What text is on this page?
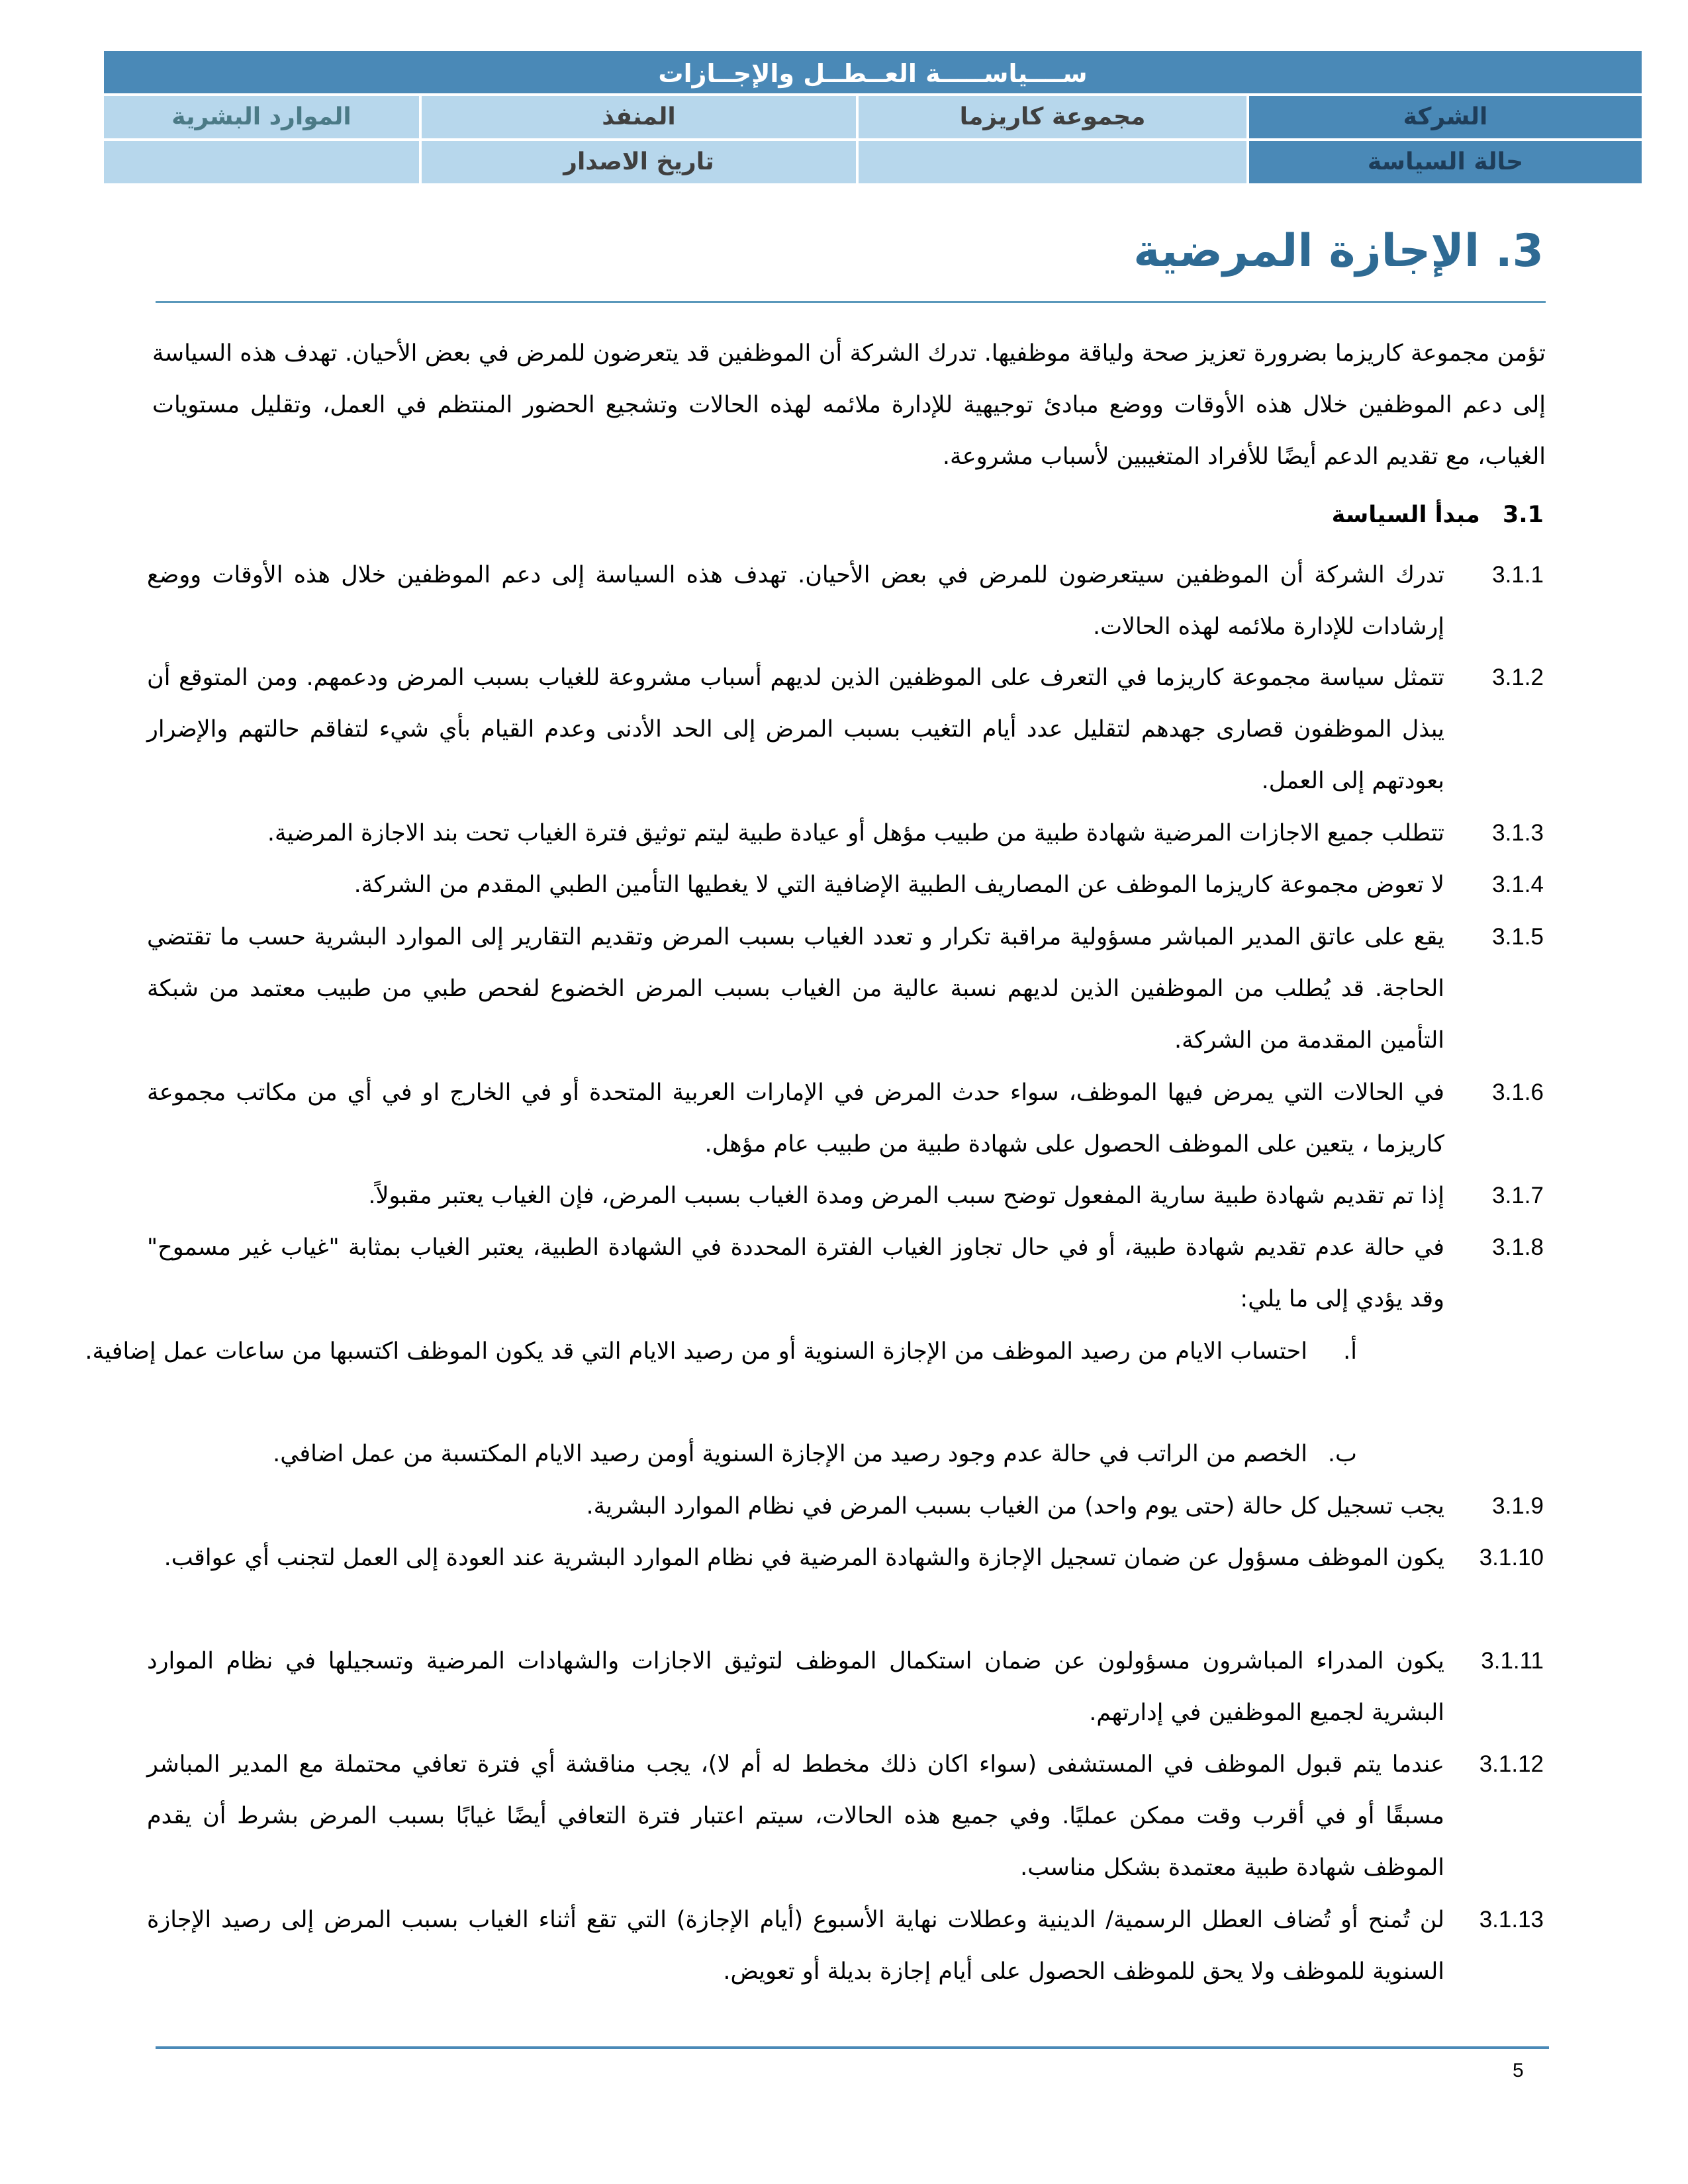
ســــياســـــة العــطــل والإجــازات
الشركة
مجموعة كاريزما
المنفذ
الموارد البشرية
حالة السياسة
تاريخ الاصدار
3. الإجازة المرضية

تؤمن مجموعة كاريزما بضرورة تعزيز صحة ولياقة موظفيها. تدرك الشركة أن الموظفين قد يتعرضون للمرض في بعض الأحيان. تهدف هذه السياسة إلى دعم الموظفين خلال هذه الأوقات ووضع مبادئ توجيهية للإدارة ملائمه لهذه الحالات وتشجيع الحضور المنتظم في العمل، وتقليل مستويات الغياب، مع تقديم الدعم أيضًا للأفراد المتغيبين لأسباب مشروعة.

3.1 مبدأ السياسة
3.1.1

تدرك الشركة أن الموظفين سيتعرضون للمرض في بعض الأحيان. تهدف هذه السياسة إلى دعم الموظفين خلال هذه الأوقات ووضع إرشادات للإدارة ملائمه لهذه الحالات.

3.1.2

تتمثل سياسة مجموعة كاريزما في التعرف على الموظفين الذين لديهم أسباب مشروعة للغياب بسبب المرض ودعمهم. ومن المتوقع أن يبذل الموظفون قصارى جهدهم لتقليل عدد أيام التغيب بسبب المرض إلى الحد الأدنى وعدم القيام بأي شيء لتفاقم حالتهم والإضرار بعودتهم إلى العمل.

3.1.3

تتطلب جميع الاجازات المرضية شهادة طبية من طبيب مؤهل أو عيادة طبية ليتم توثيق فترة الغياب تحت بند الاجازة المرضية.

3.1.4

لا تعوض مجموعة كاريزما الموظف عن المصاريف الطبية الإضافية التي لا يغطيها التأمين الطبي المقدم من الشركة.

3.1.5

يقع على عاتق المدير المباشر مسؤولية مراقبة تكرار و تعدد الغياب بسبب المرض وتقديم التقارير إلى الموارد البشرية حسب ما تقتضي الحاجة. قد يُطلب من الموظفين الذين لديهم نسبة عالية من الغياب بسبب المرض الخضوع لفحص طبي من طبيب معتمد من شبكة التأمين المقدمة من الشركة.

3.1.6

في الحالات التي يمرض فيها الموظف، سواء حدث المرض في الإمارات العربية المتحدة أو في الخارج او في أي من مكاتب مجموعة كاريزما ، يتعين على الموظف الحصول على شهادة طبية من طبيب عام مؤهل.

3.1.7

إذا تم تقديم شهادة طبية سارية المفعول توضح سبب المرض ومدة الغياب بسبب المرض، فإن الغياب يعتبر مقبولاً.

3.1.8

في حالة عدم تقديم شهادة طبية، أو في حال تجاوز الغياب الفترة المحددة في الشهادة الطبية، يعتبر الغياب بمثابة "غياب غير مسموح" وقد يؤدي إلى ما يلي:

أ.
احتساب الايام من رصيد الموظف من الإجازة السنوية أو من رصيد الايام التي قد يكون الموظف اكتسبها من ساعات عمل إضافية.
ب.
الخصم من الراتب في حالة عدم وجود رصيد من الإجازة السنوية أومن رصيد الايام المكتسبة من عمل اضافي.
3.1.9

يجب تسجيل كل حالة (حتى يوم واحد) من الغياب بسبب المرض في نظام الموارد البشرية.

3.1.10

يكون الموظف مسؤول عن ضمان تسجيل الإجازة والشهادة المرضية في نظام الموارد البشرية عند العودة إلى العمل لتجنب أي عواقب.

3.1.11

يكون المدراء المباشرون مسؤولون عن ضمان استكمال الموظف لتوثيق الاجازات والشهادات المرضية وتسجيلها في نظام الموارد البشرية لجميع الموظفين في إدارتهم.

3.1.12

عندما يتم قبول الموظف في المستشفى (سواء اكان ذلك مخطط له أم لا)، يجب مناقشة أي فترة تعافي محتملة مع المدير المباشر مسبقًا أو في أقرب وقت ممكن عمليًا. وفي جميع هذه الحالات، سيتم اعتبار فترة التعافي أيضًا غيابًا بسبب المرض بشرط أن يقدم الموظف شهادة طبية معتمدة بشكل مناسب.

3.1.13

لن تُمنح أو تُضاف العطل الرسمية/ الدينية وعطلات نهاية الأسبوع (أيام الإجازة) التي تقع أثناء الغياب بسبب المرض إلى رصيد الإجازة السنوية للموظف ولا يحق للموظف الحصول على أيام إجازة بديلة أو تعويض.

5
